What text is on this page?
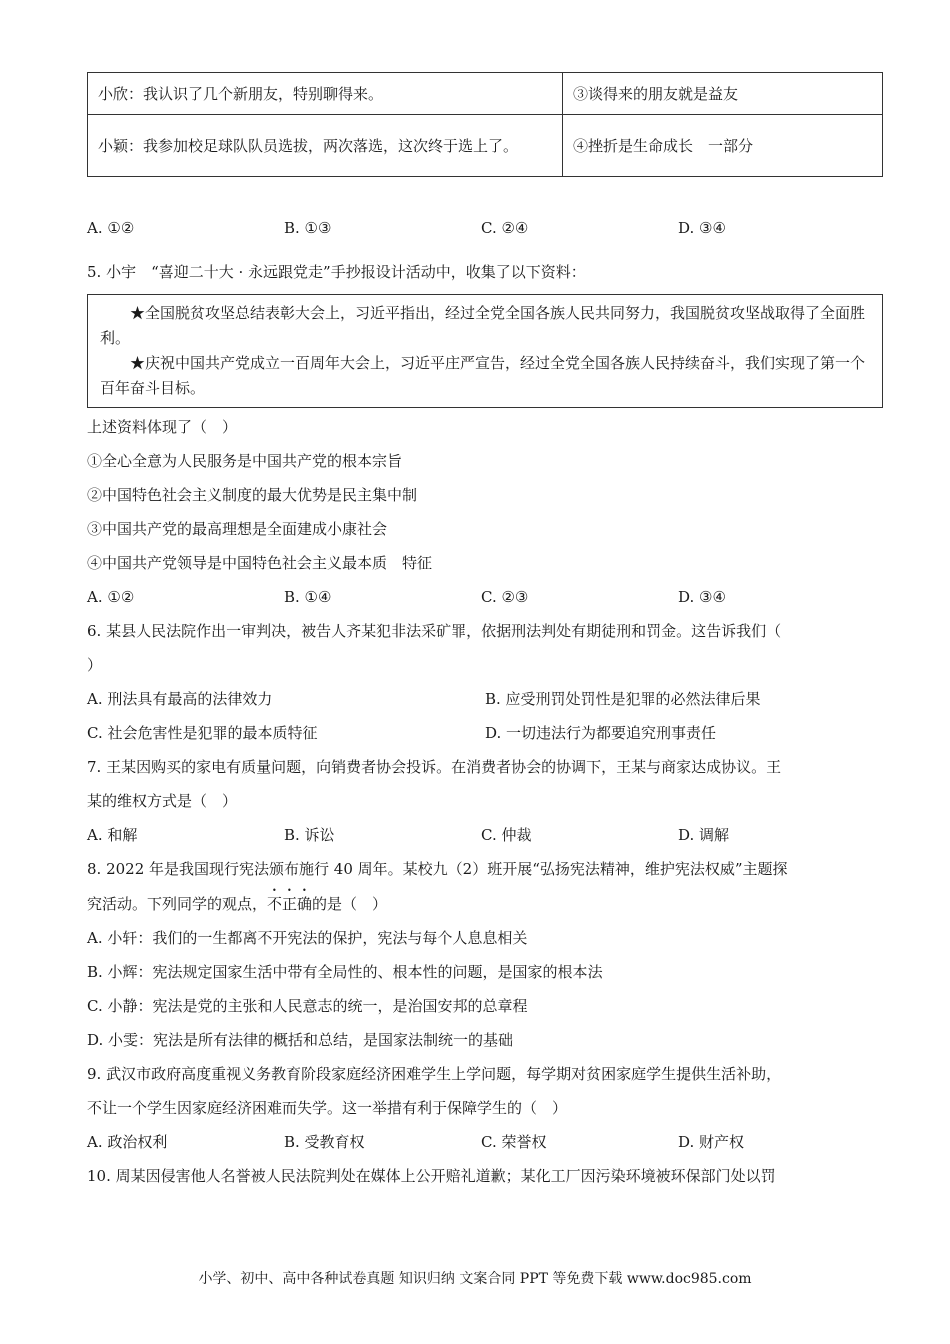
小欣：我认识了几个新朋友，特别聊得来。	③谈得来的朋友就是益友
小颖：我参加校足球队队员选拔，两次落选，这次终于选上了。	④挫折是生命成长　一部分
A. ①②	B. ①③	C. ②④	D. ③④
5. 小宇　“喜迎二十大 · 永远跟党走”手抄报设计活动中，收集了以下资料：

★全国脱贫攻坚总结表彰大会上，习近平指出，经过全党全国各族人民共同努力，我国脱贫攻坚战取得了全面胜利。

★庆祝中国共产党成立一百周年大会上，习近平庄严宣告，经过全党全国各族人民持续奋斗，我们实现了第一个百年奋斗目标。

上述资料体现了（　）
①全心全意为人民服务是中国共产党的根本宗旨
②中国特色社会主义制度的最大优势是民主集中制
③中国共产党的最高理想是全面建成小康社会
④中国共产党领导是中国特色社会主义最本质　特征
A. ①②	B. ①④	C. ②③	D. ③④
6. 某县人民法院作出一审判决，被告人齐某犯非法采矿罪，依据刑法判处有期徒刑和罚金。这告诉我们（
）
A. 刑法具有最高的法律效力	B. 应受刑罚处罚性是犯罪的必然法律后果
C. 社会危害性是犯罪的最本质特征	D. 一切违法行为都要追究刑事责任
7. 王某因购买的家电有质量问题，向销费者协会投诉。在消费者协会的协调下，王某与商家达成协议。王
某的维权方式是（　）
A. 和解	B. 诉讼	C. 仲裁	D. 调解
8. 2022 年是我国现行宪法颁布施行 40 周年。某校九（2）班开展“弘扬宪法精神，维护宪法权威”主题探
究活动。下列同学的观点，不正确的是（　）
A. 小轩：我们的一生都离不开宪法的保护，宪法与每个人息息相关
B. 小辉：宪法规定国家生活中带有全局性的、根本性的问题，是国家的根本法
C. 小静：宪法是党的主张和人民意志的统一，是治国安邦的总章程
D. 小雯：宪法是所有法律的概括和总结，是国家法制统一的基础
9. 武汉市政府高度重视义务教育阶段家庭经济困难学生上学问题，每学期对贫困家庭学生提供生活补助，
不让一个学生因家庭经济困难而失学。这一举措有利于保障学生的（　）
A. 政治权利	B. 受教育权	C. 荣誉权	D. 财产权
10. 周某因侵害他人名誉被人民法院判处在媒体上公开赔礼道歉；某化工厂因污染环境被环保部门处以罚
小学、初中、高中各种试卷真题 知识归纳 文案合同 PPT 等免费下载 www.doc985.com
